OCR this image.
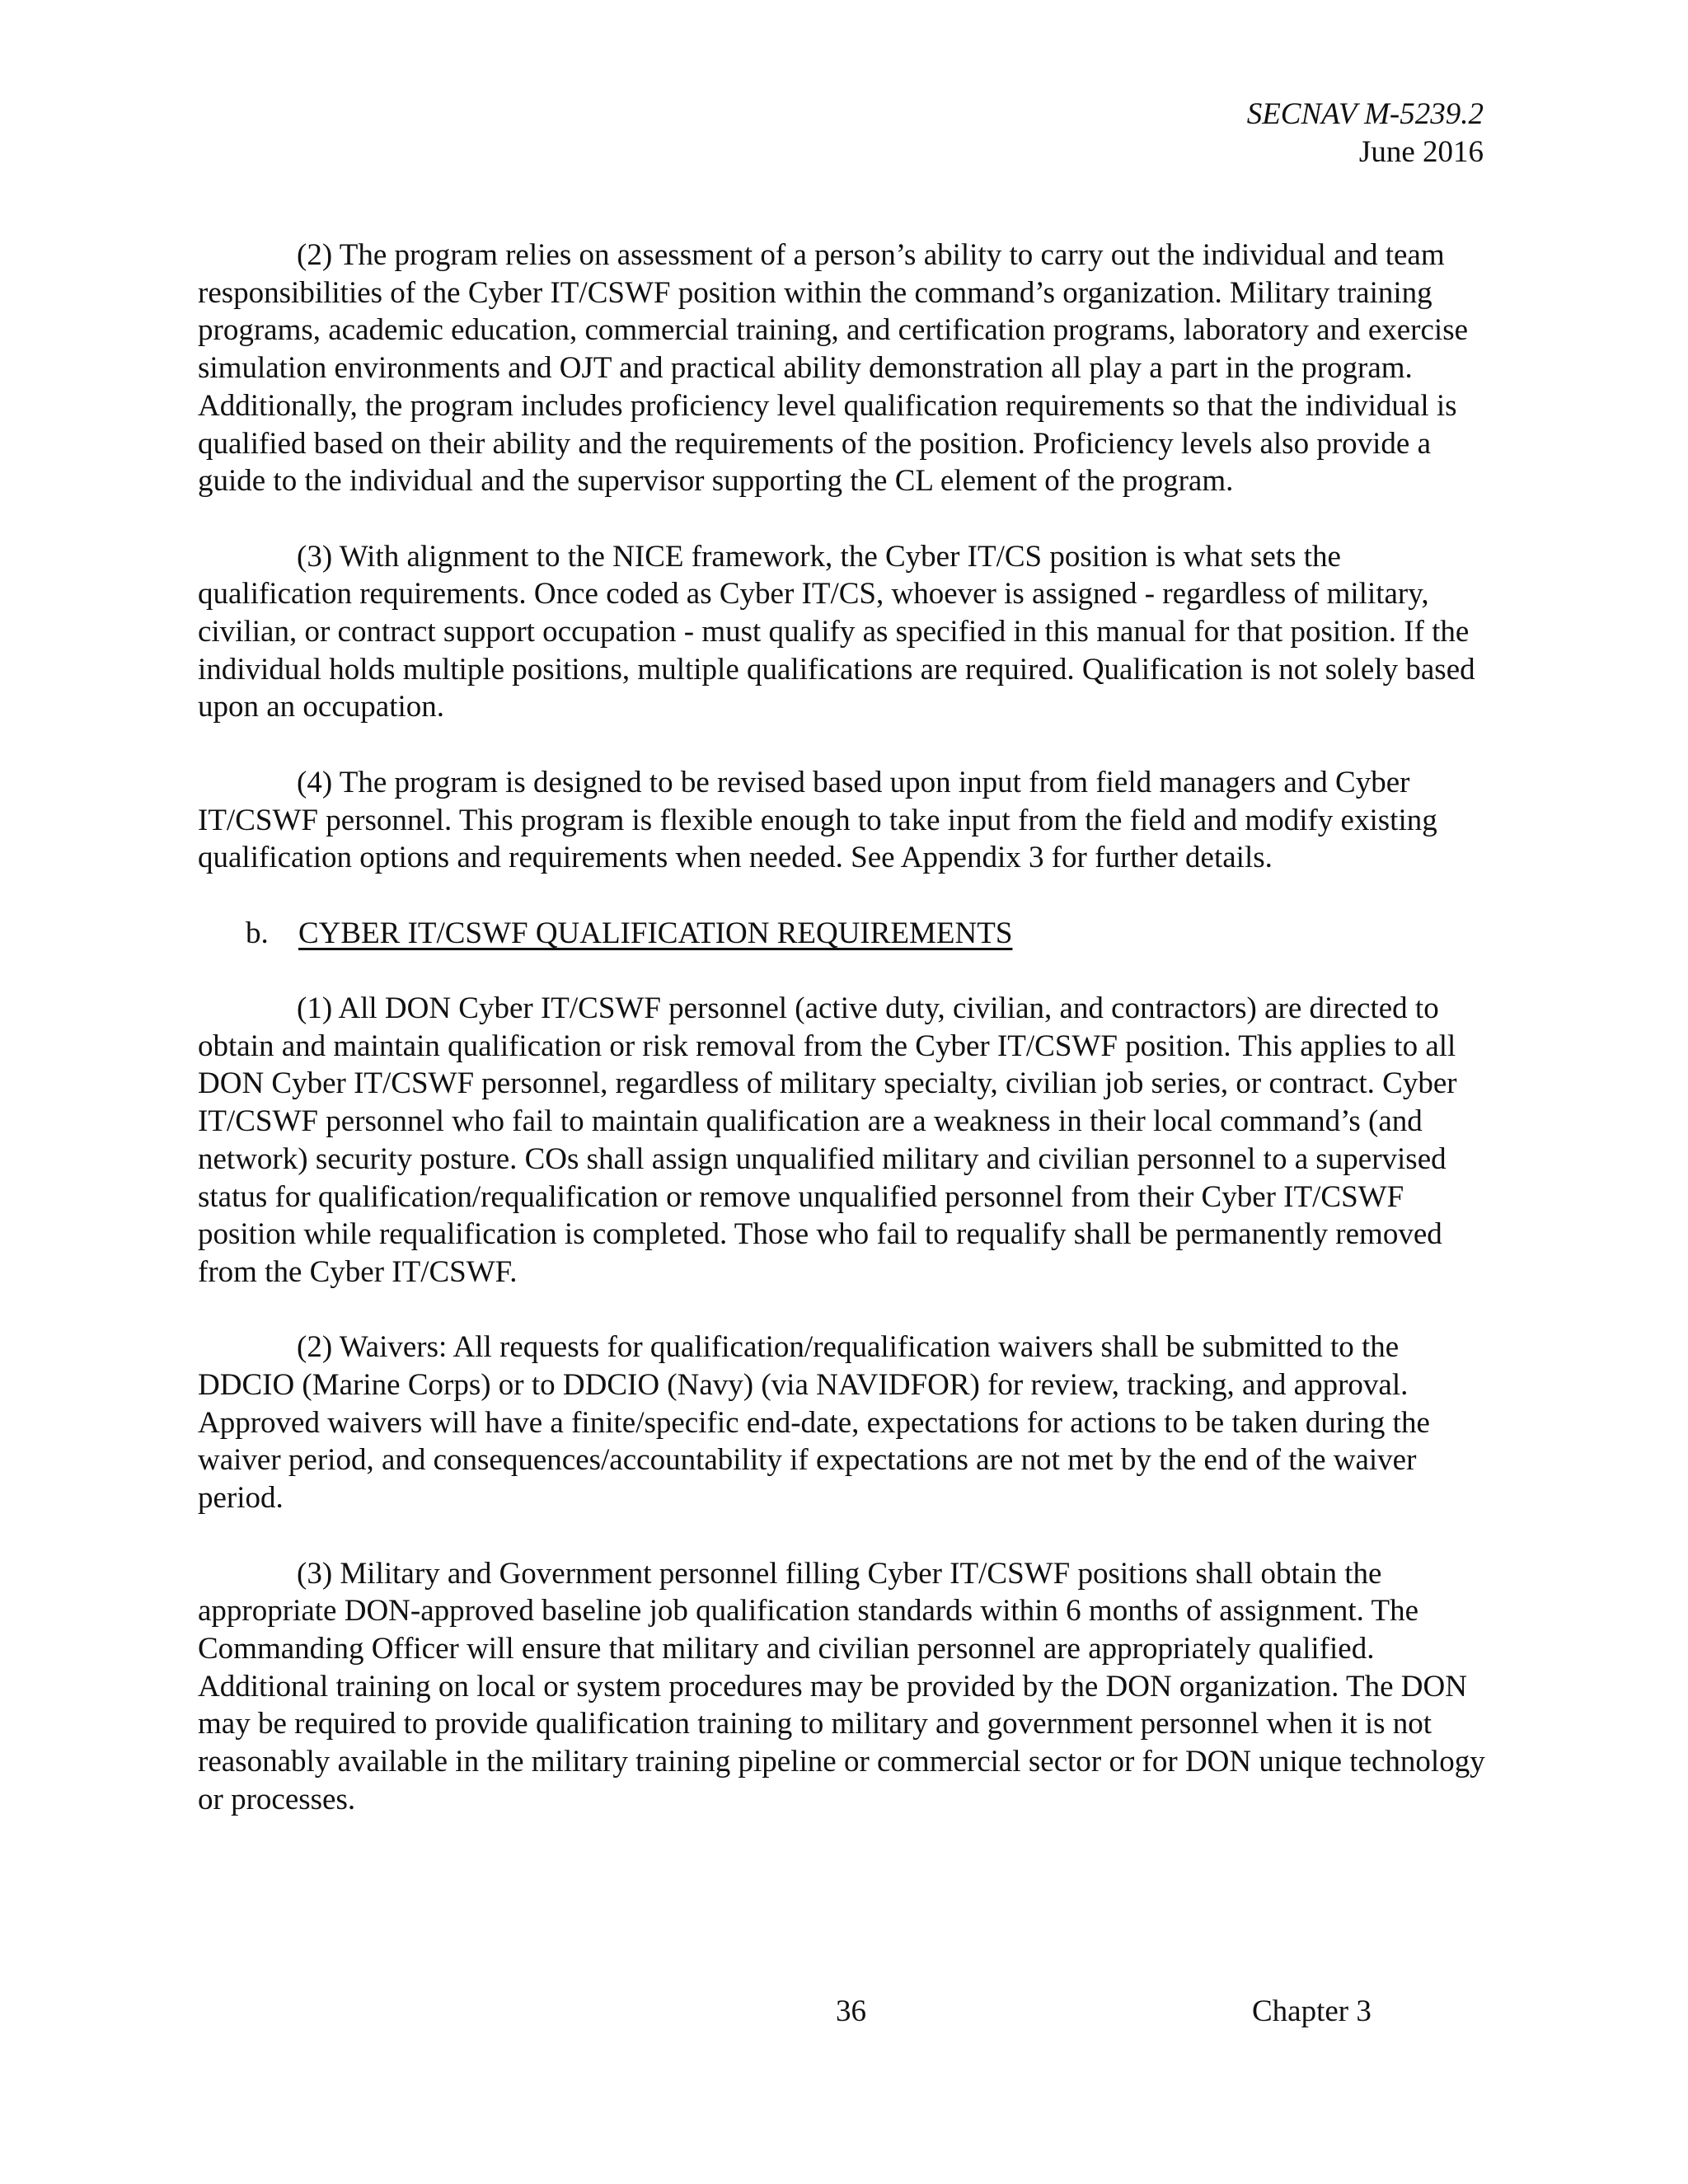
SECNAV M-5239.2
June 2016

(2) The program relies on assessment of a person’s ability to carry out the individual and team responsibilities of the Cyber IT/CSWF position within the command’s organization. Military training programs, academic education, commercial training, and certification programs, laboratory and exercise simulation environments and OJT and practical ability demonstration all play a part in the program. Additionally, the program includes proficiency level qualification requirements so that the individual is qualified based on their ability and the requirements of the position. Proficiency levels also provide a guide to the individual and the supervisor supporting the CL element of the program.

(3) With alignment to the NICE framework, the Cyber IT/CS position is what sets the qualification requirements. Once coded as Cyber IT/CS, whoever is assigned - regardless of military, civilian, or contract support occupation - must qualify as specified in this manual for that position. If the individual holds multiple positions, multiple qualifications are required. Qualification is not solely based upon an occupation.

(4) The program is designed to be revised based upon input from field managers and Cyber IT/CSWF personnel. This program is flexible enough to take input from the field and modify existing qualification options and requirements when needed. See Appendix 3 for further details.

b. CYBER IT/CSWF QUALIFICATION REQUIREMENTS

(1) All DON Cyber IT/CSWF personnel (active duty, civilian, and contractors) are directed to obtain and maintain qualification or risk removal from the Cyber IT/CSWF position. This applies to all DON Cyber IT/CSWF personnel, regardless of military specialty, civilian job series, or contract. Cyber IT/CSWF personnel who fail to maintain qualification are a weakness in their local command’s (and network) security posture. COs shall assign unqualified military and civilian personnel to a supervised status for qualification/requalification or remove unqualified personnel from their Cyber IT/CSWF position while requalification is completed. Those who fail to requalify shall be permanently removed from the Cyber IT/CSWF.

(2) Waivers: All requests for qualification/requalification waivers shall be submitted to the DDCIO (Marine Corps) or to DDCIO (Navy) (via NAVIDFOR) for review, tracking, and approval. Approved waivers will have a finite/specific end-date, expectations for actions to be taken during the waiver period, and consequences/accountability if expectations are not met by the end of the waiver period.

(3) Military and Government personnel filling Cyber IT/CSWF positions shall obtain the appropriate DON-approved baseline job qualification standards within 6 months of assignment. The Commanding Officer will ensure that military and civilian personnel are appropriately qualified. Additional training on local or system procedures may be provided by the DON organization. The DON may be required to provide qualification training to military and government personnel when it is not reasonably available in the military training pipeline or commercial sector or for DON unique technology or processes.

36	Chapter 3
